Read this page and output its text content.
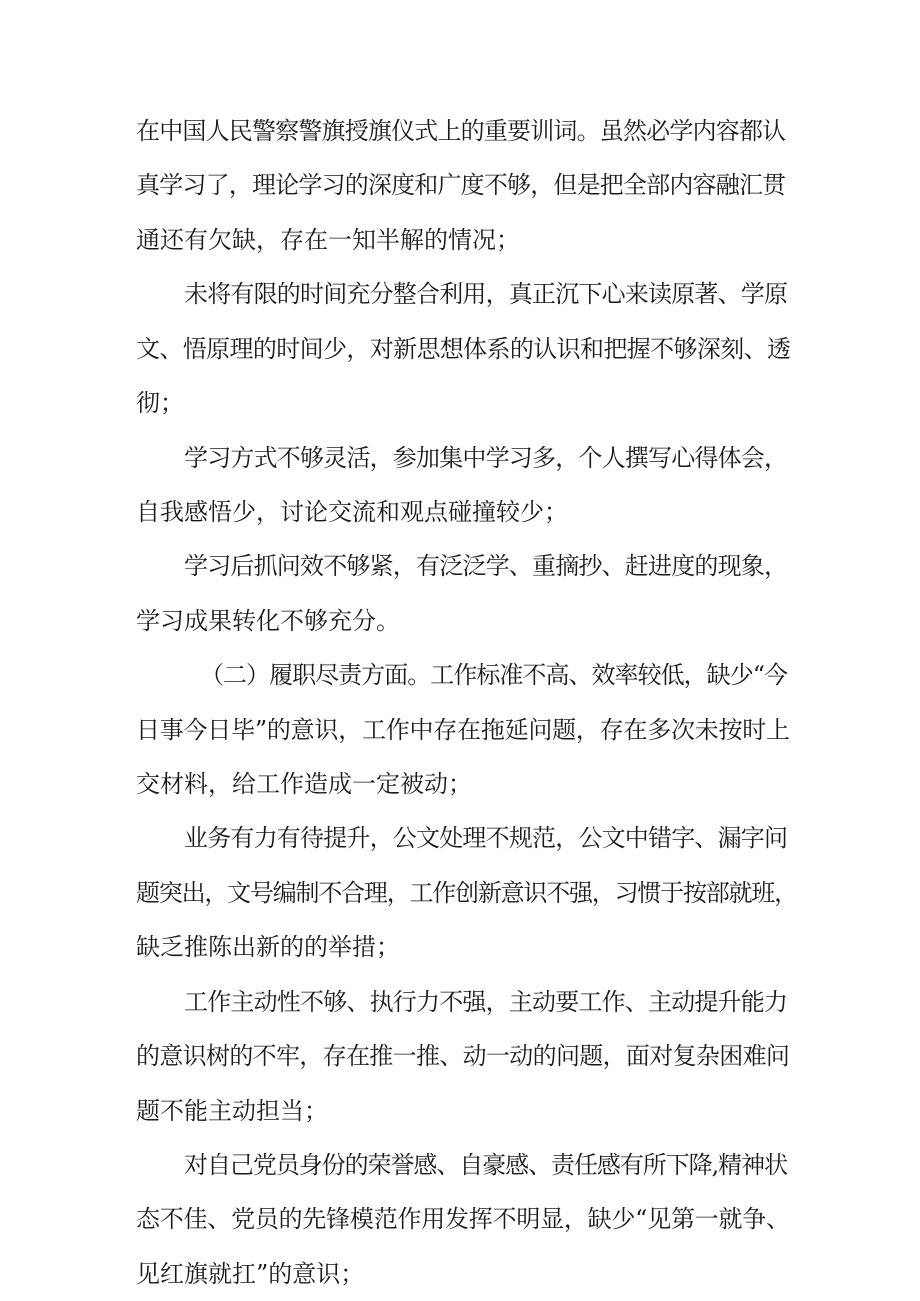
在中国人民警察警旗授旗仪式上的重要训词。虽然必学内容都认

真学习了，理论学习的深度和广度不够，但是把全部内容融汇贯

通还有欠缺，存在一知半解的情况；

未将有限的时间充分整合利用，真正沉下心来读原著、学原

文、悟原理的时间少，对新思想体系的认识和把握不够深刻、透

彻；

学习方式不够灵活，参加集中学习多，个人撰写心得体会，

自我感悟少，讨论交流和观点碰撞较少；

学习后抓问效不够紧，有泛泛学、重摘抄、赶进度的现象，

学习成果转化不够充分。

（二）履职尽责方面。工作标准不高、效率较低，缺少“今

日事今日毕”的意识，工作中存在拖延问题，存在多次未按时上

交材料，给工作造成一定被动；

业务有力有待提升，公文处理不规范，公文中错字、漏字问

题突出，文号编制不合理，工作创新意识不强，习惯于按部就班，

缺乏推陈出新的的举措；

工作主动性不够、执行力不强，主动要工作、主动提升能力

的意识树的不牢，存在推一推、动一动的问题，面对复杂困难问

题不能主动担当；

对自己党员身份的荣誉感、自豪感、责任感有所下降,精神状

态不佳、党员的先锋模范作用发挥不明显，缺少“见第一就争、

见红旗就扛”的意识；
